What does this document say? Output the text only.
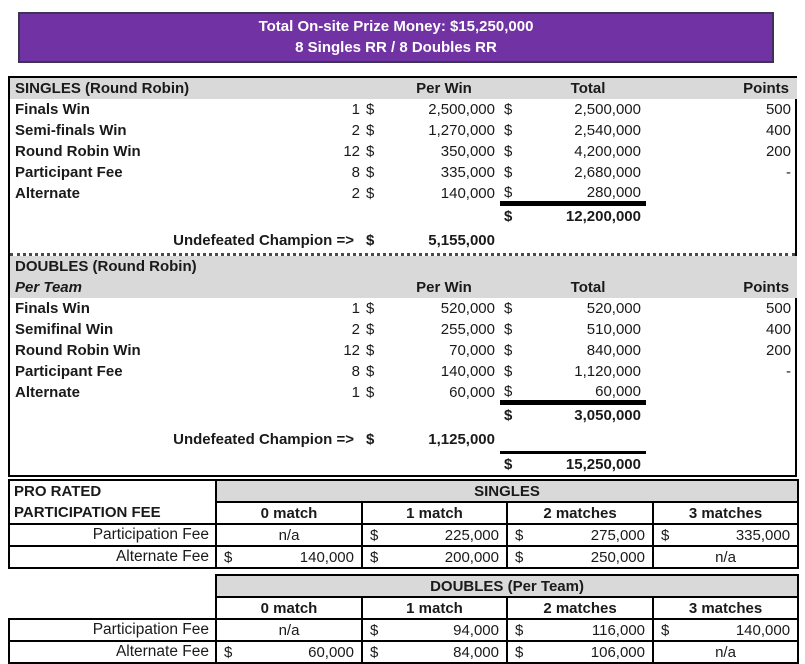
Total On-site Prize Money: $15,250,000
8 Singles RR / 8 Doubles RR
SINGLES (Round Robin)			Per Win		Total	Points
Finals Win	1	$	2,500,000	$	2,500,000	500
Semi-finals Win	2	$	1,270,000	$	2,540,000	400
Round Robin Win	12	$	350,000	$	4,200,000	200
Participant Fee	8	$	335,000	$	2,680,000	-
Alternate	2	$	140,000	$	280,000	
				$	12,200,000	
Undefeated Champion =>		$	5,155,000			
DOUBLES (Round Robin)						
Per Team			Per Win		Total	Points
Finals Win	1	$	520,000	$	520,000	500
Semifinal Win	2	$	255,000	$	510,000	400
Round Robin Win	12	$	70,000	$	840,000	200
Participant Fee	8	$	140,000	$	1,120,000	-
Alternate	1	$	60,000	$	60,000	
				$	3,050,000	
Undefeated Champion =>		$	1,125,000			
				$	15,250,000	
PRO RATED
PARTICIPATION FEE	SINGLES			
	0 match	1 match	2 matches	3 matches
Participation Fee	n/a	$ 225,000	$ 275,000	$ 335,000

Alternate Fee	$ 140,000	$ 200,000	$ 250,000	n/a
	DOUBLES (Per Team)			
	0 match	1 match	2 matches	3 matches
Participation Fee	n/a	$ 94,000	$ 116,000	$ 140,000

Alternate Fee	$ 60,000	$ 84,000	$ 106,000	n/a
